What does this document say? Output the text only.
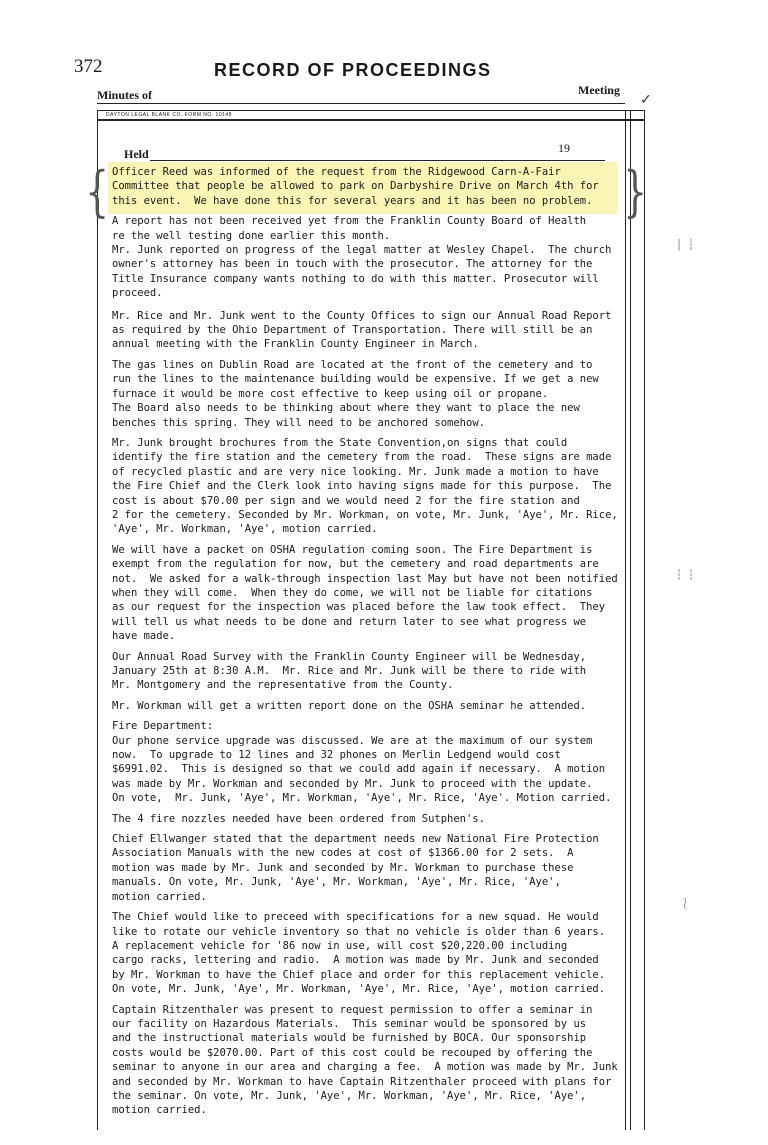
372	RECORD OF PROCEEDINGS
Minutes of	Meeting
✓
DAYTON LEGAL BLANK CO. FORM NO. 10148
Held	19
{	}
│ ┆
┆ ┆
⎱

Officer Reed was informed of the request from the Ridgewood Carn-A-Fair
Committee that people be allowed to park on Darbyshire Drive on March 4th for
this event.  We have done this for several years and it has been no problem.

A report has not been received yet from the Franklin County Board of Health
re the well testing done earlier this month.
Mr. Junk reported on progress of the legal matter at Wesley Chapel.  The church
owner's attorney has been in touch with the prosecutor. The attorney for the
Title Insurance company wants nothing to do with this matter. Prosecutor will
proceed.

Mr. Rice and Mr. Junk went to the County Offices to sign our Annual Road Report
as required by the Ohio Department of Transportation. There will still be an
annual meeting with the Franklin County Engineer in March.

The gas lines on Dublin Road are located at the front of the cemetery and to
run the lines to the maintenance building would be expensive. If we get a new
furnace it would be more cost effective to keep using oil or propane.
The Board also needs to be thinking about where they want to place the new
benches this spring. They will need to be anchored somehow.

Mr. Junk brought brochures from the State Convention,on signs that could
identify the fire station and the cemetery from the road.  These signs are made
of recycled plastic and are very nice looking. Mr. Junk made a motion to have
the Fire Chief and the Clerk look into having signs made for this purpose.  The
cost is about $70.00 per sign and we would need 2 for the fire station and
2 for the cemetery. Seconded by Mr. Workman, on vote, Mr. Junk, 'Aye', Mr. Rice,
'Aye', Mr. Workman, 'Aye', motion carried.

We will have a packet on OSHA regulation coming soon. The Fire Department is
exempt from the regulation for now, but the cemetery and road departments are
not.  We asked for a walk-through inspection last May but have not been notified
when they will come.  When they do come, we will not be liable for citations
as our request for the inspection was placed before the law took effect.  They
will tell us what needs to be done and return later to see what progress we
have made.

Our Annual Road Survey with the Franklin County Engineer will be Wednesday,
January 25th at 8:30 A.M.  Mr. Rice and Mr. Junk will be there to ride with
Mr. Montgomery and the representative from the County.

Mr. Workman will get a written report done on the OSHA seminar he attended.

Fire Department:
Our phone service upgrade was discussed. We are at the maximum of our system
now.  To upgrade to 12 lines and 32 phones on Merlin Ledgend would cost
$6991.02.  This is designed so that we could add again if necessary.  A motion
was made by Mr. Workman and seconded by Mr. Junk to proceed with the update.
On vote,  Mr. Junk, 'Aye', Mr. Workman, 'Aye', Mr. Rice, 'Aye'. Motion carried.

The 4 fire nozzles needed have been ordered from Sutphen's.

Chief Ellwanger stated that the department needs new National Fire Protection
Association Manuals with the new codes at cost of $1366.00 for 2 sets.  A
motion was made by Mr. Junk and seconded by Mr. Workman to purchase these
manuals. On vote, Mr. Junk, 'Aye', Mr. Workman, 'Aye', Mr. Rice, 'Aye',
motion carried.

The Chief would like to preceed with specifications for a new squad. He would
like to rotate our vehicle inventory so that no vehicle is older than 6 years.
A replacement vehicle for '86 now in use, will cost $20,220.00 including
cargo racks, lettering and radio.  A motion was made by Mr. Junk and seconded
by Mr. Workman to have the Chief place and order for this replacement vehicle.
On vote, Mr. Junk, 'Aye', Mr. Workman, 'Aye', Mr. Rice, 'Aye', motion carried.

Captain Ritzenthaler was present to request permission to offer a seminar in
our facility on Hazardous Materials.  This seminar would be sponsored by us
and the instructional materials would be furnished by BOCA. Our sponsorship
costs would be $2070.00. Part of this cost could be recouped by offering the
seminar to anyone in our area and charging a fee.  A motion was made by Mr. Junk
and seconded by Mr. Workman to have Captain Ritzenthaler proceed with plans for
the seminar. On vote, Mr. Junk, 'Aye', Mr. Workman, 'Aye', Mr. Rice, 'Aye',
motion carried.
